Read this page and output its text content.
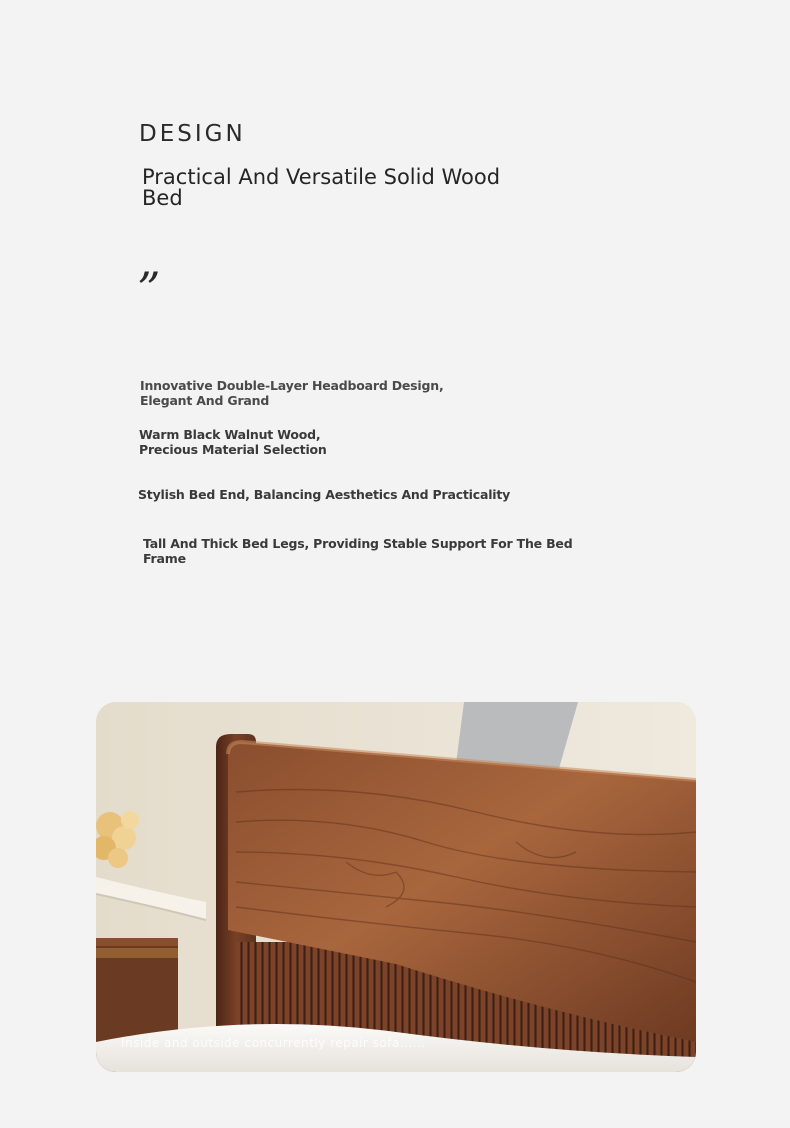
DESIGN
Practical And Versatile Solid Wood Bed
”
Innovative Double-Layer Headboard Design, Elegant And Grand
Warm Black Walnut Wood, Precious Material Selection
Stylish Bed End, Balancing Aesthetics And Practicality
Tall And Thick Bed Legs, Providing Stable Support For The Bed Frame
Inside and outside concurrently repair sofa......
